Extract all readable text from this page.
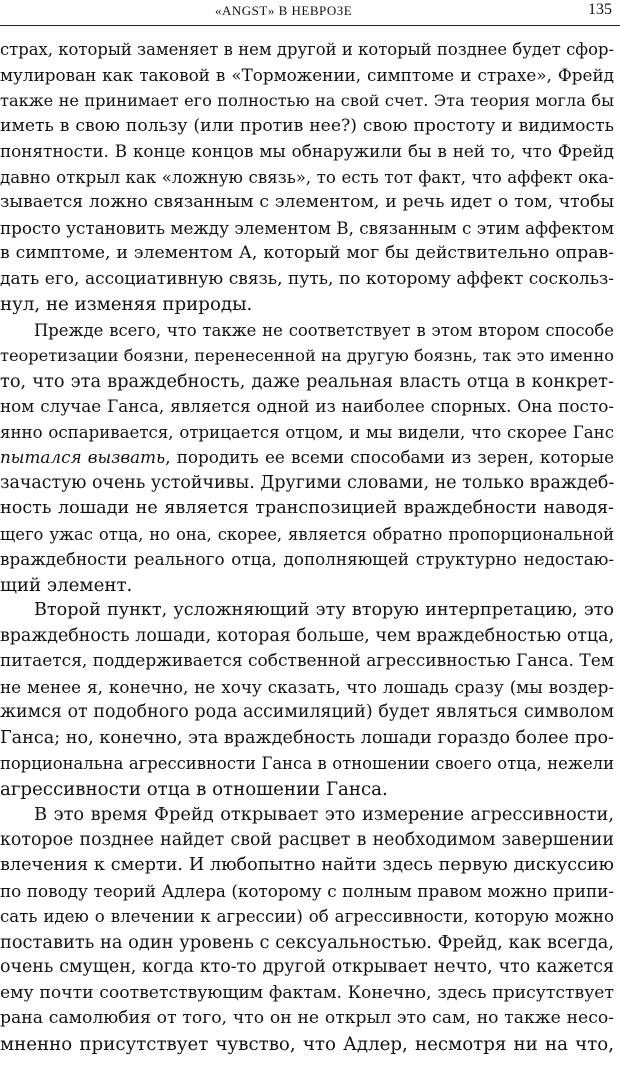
«ANGST» В НЕВРОЗЕ	135
страх, который заменяет в нем другой и который позднее будет сфор-
мулирован как таковой в «Торможении, симптоме и страхе», Фрейд
также не принимает его полностью на свой счет. Эта теория могла бы
иметь в свою пользу (или против нее?) свою простоту и видимость
понятности. В конце концов мы обнаружили бы в ней то, что Фрейд
давно открыл как «ложную связь», то есть тот факт, что аффект ока-
зывается ложно связанным с элементом, и речь идет о том, чтобы
просто установить между элементом В, связанным с этим аффектом
в симптоме, и элементом А, который мог бы действительно оправ-
дать его, ассоциативную связь, путь, по которому аффект соскольз-
нул, не изменяя природы.
Прежде всего, что также не соответствует в этом втором способе
теоретизации боязни, перенесенной на другую боязнь, так это именно
то, что эта враждебность, даже реальная власть отца в конкрет-
ном случае Ганса, является одной из наиболее спорных. Она посто-
янно оспаривается, отрицается отцом, и мы видели, что скорее Ганс
пытался вызвать, породить ее всеми способами из зерен, которые
зачастую очень устойчивы. Другими словами, не только враждеб-
ность лошади не является транспозицией враждебности наводя-
щего ужас отца, но она, скорее, является обратно пропорциональной
враждебности реального отца, дополняющей структурно недостаю-
щий элемент.
Второй пункт, усложняющий эту вторую интерпретацию, это
враждебность лошади, которая больше, чем враждебностью отца,
питается, поддерживается собственной агрессивностью Ганса. Тем
не менее я, конечно, не хочу сказать, что лошадь сразу (мы воздер-
жимся от подобного рода ассимиляций) будет являться символом
Ганса; но, конечно, эта враждебность лошади гораздо более про-
порциональна агрессивности Ганса в отношении своего отца, нежели
агрессивности отца в отношении Ганса.
В это время Фрейд открывает это измерение агрессивности,
которое позднее найдет свой расцвет в необходимом завершении
влечения к смерти. И любопытно найти здесь первую дискуссию
по поводу теорий Адлера (которому с полным правом можно припи-
сать идею о влечении к агрессии) об агрессивности, которую можно
поставить на один уровень с сексуальностью. Фрейд, как всегда,
очень смущен, когда кто-то другой открывает нечто, что кажется
ему почти соответствующим фактам. Конечно, здесь присутствует
рана самолюбия от того, что он не открыл это сам, но также несо-
мненно присутствует чувство, что Адлер, несмотря ни на что,
